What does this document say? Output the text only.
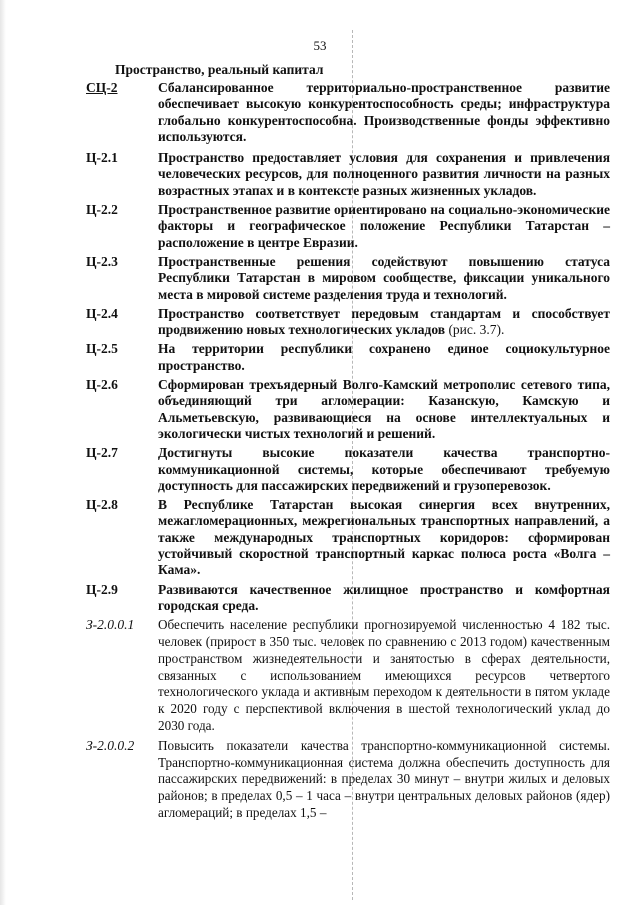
53
Пространство, реальный капитал
СЦ-2	Сбалансированное территориально-пространственное развитие обеспечивает высокую конкурентоспособность среды; инфраструктура глобально конкурентоспособна. Производственные фонды эффективно используются.
Ц-2.1	Пространство предоставляет условия для сохранения и привлечения человеческих ресурсов, для полноценного развития личности на разных возрастных этапах и в контексте разных жизненных укладов.
Ц-2.2	Пространственное развитие ориентировано на социально-экономические факторы и географическое положение Республики Татарстан – расположение в центре Евразии.
Ц-2.3	Пространственные решения содействуют повышению статуса Республики Татарстан в мировом сообществе, фиксации уникального места в мировой системе разделения труда и технологий.
Ц-2.4	Пространство соответствует передовым стандартам и способствует продвижению новых технологических укладов (рис. 3.7).
Ц-2.5	На территории республики сохранено единое социокультурное пространство.
Ц-2.6	Сформирован трехъядерный Волго-Камский метрополис сетевого типа, объединяющий три агломерации: Казанскую, Камскую и Альметьевскую, развивающиеся на основе интеллектуальных и экологически чистых технологий и решений.
Ц-2.7	Достигнуты высокие показатели качества транспортно-коммуникационной системы, которые обеспечивают требуемую доступность для пассажирских передвижений и грузоперевозок.
Ц-2.8	В Республике Татарстан высокая синергия всех внутренних, межагломерационных, межрегиональных транспортных направлений, а также международных транспортных коридоров: сформирован устойчивый скоростной транспортный каркас полюса роста «Волга – Кама».
Ц-2.9	Развиваются качественное жилищное пространство и комфортная городская среда.
З-2.0.0.1	Обеспечить население республики прогнозируемой численностью 4 182 тыс. человек (прирост в 350 тыс. человек по сравнению с 2013 годом) качественным пространством жизнедеятельности и занятостью в сферах деятельности, связанных с использованием имеющихся ресурсов четвертого технологического уклада и активным переходом к деятельности в пятом укладе к 2020 году с перспективой включения в шестой технологический уклад до 2030 года.
З-2.0.0.2	Повысить показатели качества транспортно-коммуникационной системы. Транспортно-коммуникационная система должна обеспечить доступность для пассажирских передвижений: в пределах 30 минут – внутри жилых и деловых районов; в пределах 0,5 – 1 часа – внутри центральных деловых районов (ядер) агломераций; в пределах 1,5 –
